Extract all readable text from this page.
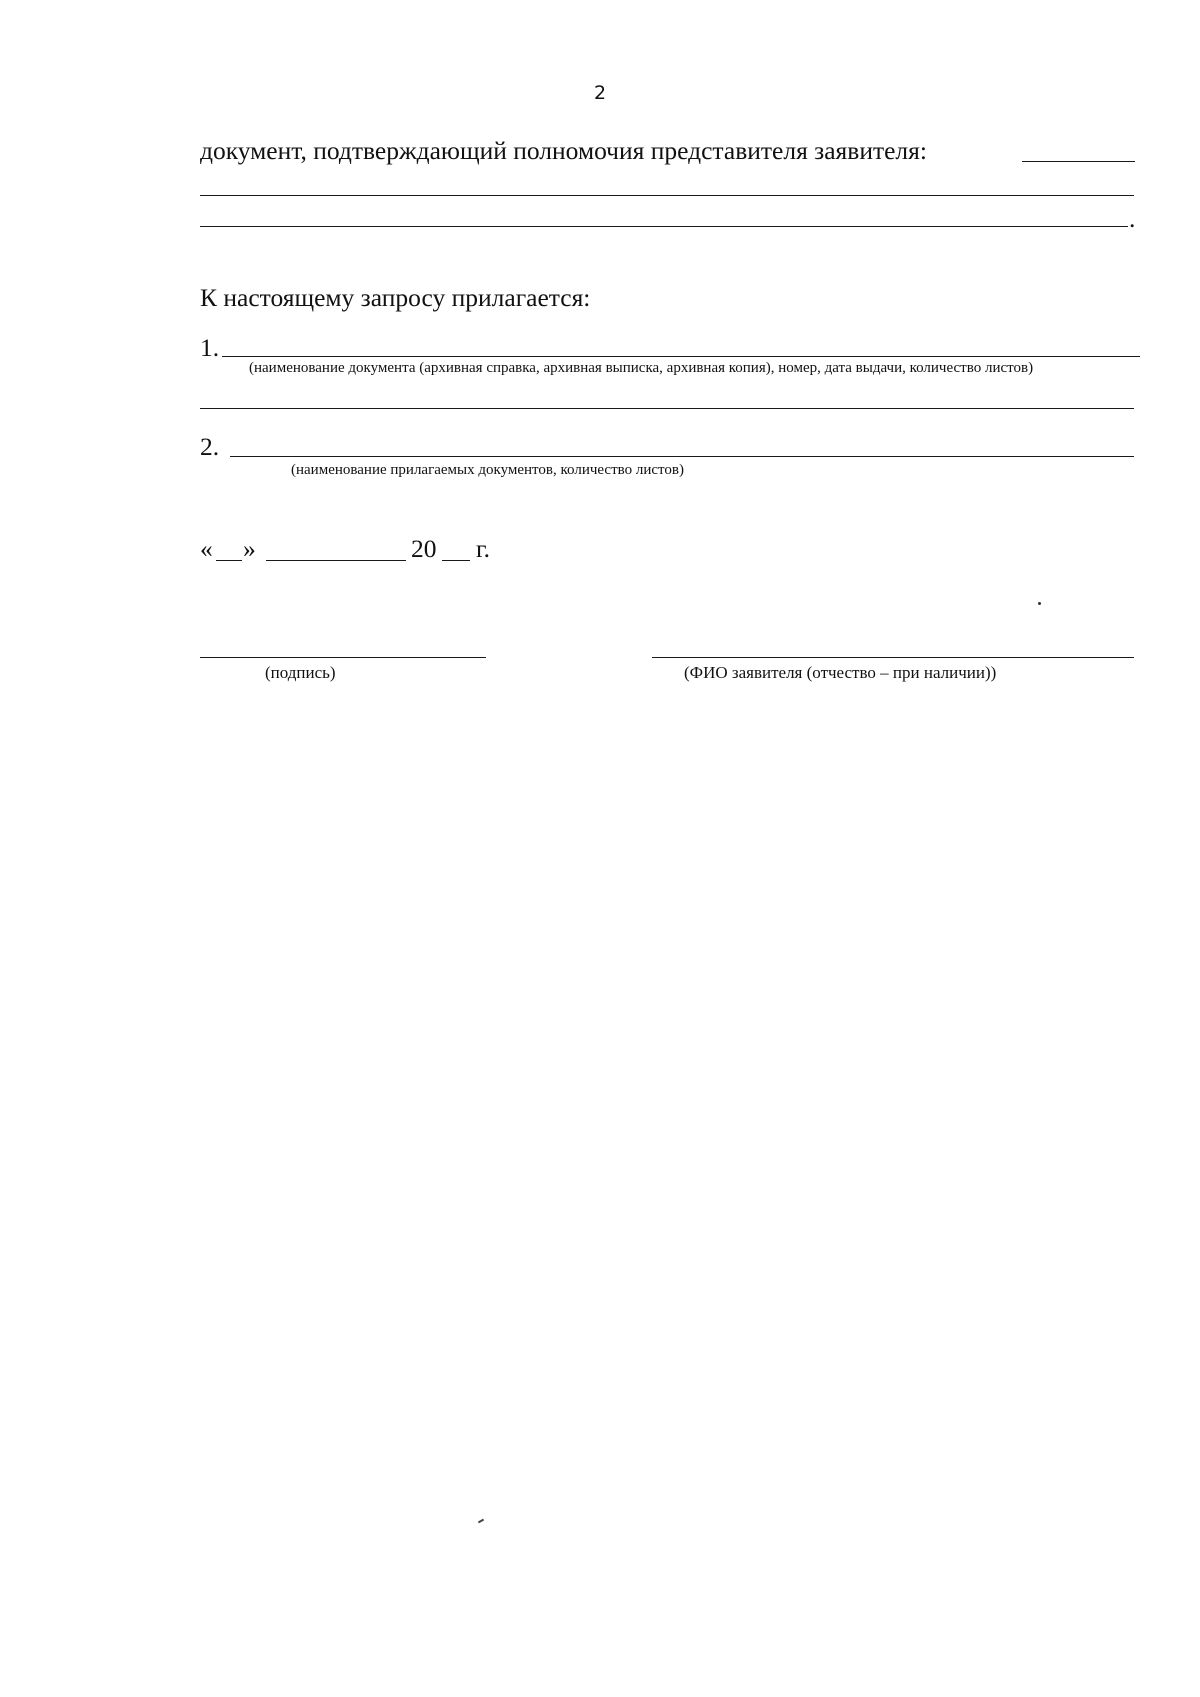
2
документ, подтверждающий полномочия представителя заявителя:
.
К настоящему запросу прилагается:
1.
(наименование документа (архивная справка, архивная выписка, архивная копия), номер, дата выдачи, количество листов)
2.
(наименование прилагаемых документов, количество листов)
« »	20 г.
(подпись)	(ФИО заявителя (отчество – при наличии))
